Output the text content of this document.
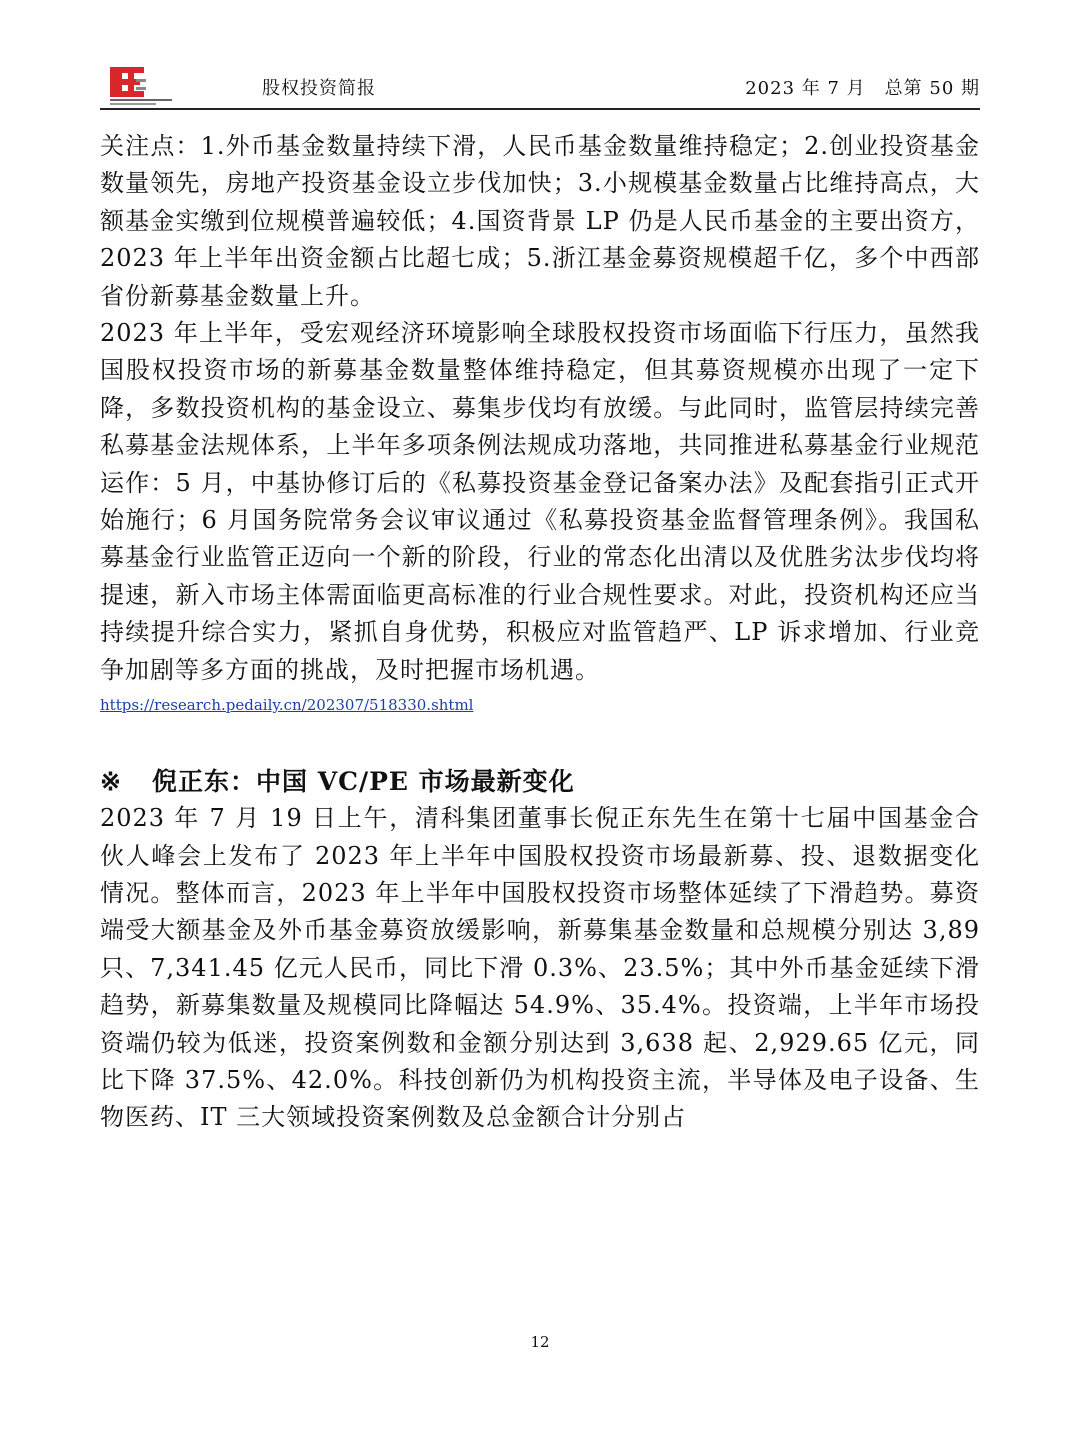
股权投资简报	2023 年 7 月　总第 50 期

关注点：1.外币基金数量持续下滑，人民币基金数量维持稳定；2.创业投资基金数量领先，房地产投资基金设立步伐加快；3.小规模基金数量占比维持高点，大额基金实缴到位规模普遍较低；4.国资背景 LP 仍是人民币基金的主要出资方，2023 年上半年出资金额占比超七成；5.浙江基金募资规模超千亿，多个中西部省份新募基金数量上升。

2023 年上半年，受宏观经济环境影响全球股权投资市场面临下行压力，虽然我国股权投资市场的新募基金数量整体维持稳定，但其募资规模亦出现了一定下降，多数投资机构的基金设立、募集步伐均有放缓。与此同时，监管层持续完善私募基金法规体系，上半年多项条例法规成功落地，共同推进私募基金行业规范运作：5 月，中基协修订后的《私募投资基金登记备案办法》及配套指引正式开始施行；6 月国务院常务会议审议通过《私募投资基金监督管理条例》。我国私募基金行业监管正迈向一个新的阶段，行业的常态化出清以及优胜劣汰步伐均将提速，新入市场主体需面临更高标准的行业合规性要求。对此，投资机构还应当持续提升综合实力，紧抓自身优势，积极应对监管趋严、LP 诉求增加、行业竞争加剧等多方面的挑战，及时把握市场机遇。

https://research.pedaily.cn/202307/518330.shtml
※ 倪正东：中国 VC/PE 市场最新变化

2023 年 7 月 19 日上午，清科集团董事长倪正东先生在第十七届中国基金合伙人峰会上发布了 2023 年上半年中国股权投资市场最新募、投、退数据变化情况。整体而言，2023 年上半年中国股权投资市场整体延续了下滑趋势。募资端受大额基金及外币基金募资放缓影响，新募集基金数量和总规模分别达 3,89 只、7,341.45 亿元人民币，同比下滑 0.3%、23.5%；其中外币基金延续下滑趋势，新募集数量及规模同比降幅达 54.9%、35.4%。投资端，上半年市场投资端仍较为低迷，投资案例数和金额分别达到 3,638 起、2,929.65 亿元，同比下降 37.5%、42.0%。科技创新仍为机构投资主流，半导体及电子设备、生物医药、IT 三大领域投资案例数及总金额合计分别占

12
